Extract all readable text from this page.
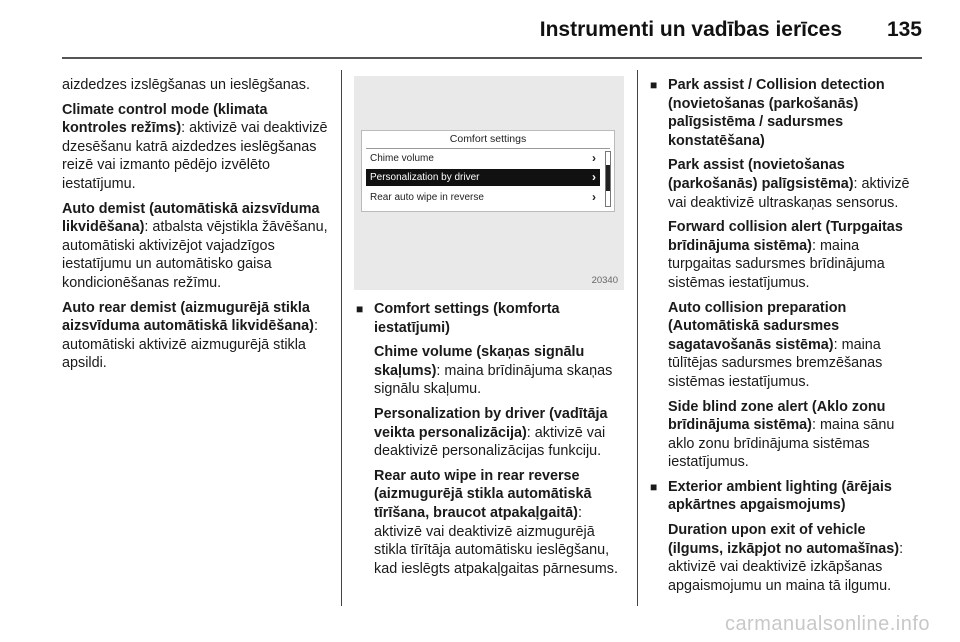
Instrumenti un vadības ierīces 135

aizdedzes izslēgšanas un ieslēgšanas.

Climate control mode (klimata kontroles režīms): aktivizē vai deaktivizē dzesēšanu katrā aizdedzes ieslēgšanas reizē vai izmanto pēdējo izvēlēto iestatījumu.

Auto demist (automātiskā aizsvīduma likvidēšana): atbalsta vējstikla žāvēšanu, automātiski aktivizējot vajadzīgos iestatījumu un automātisko gaisa kondicionēšanas režīmu.

Auto rear demist (aizmugurējā stikla aizsvīduma automātiskā likvidēšana): automātiski aktivizē aizmugurējā stikla apsildi.

Comfort settings
Chime volume	›
Personalization by driver	›
Rear auto wipe in reverse	›
20340
■ Comfort settings (komforta iestatījumi)

Chime volume (skaņas signālu skaļums): maina brīdinājuma skaņas signālu skaļumu.

Personalization by driver (vadītāja veikta personalizācija): aktivizē vai deaktivizē personalizācijas funkciju.

Rear auto wipe in rear reverse (aizmugurējā stikla automātiskā tīrīšana, braucot atpakaļgaitā): aktivizē vai deaktivizē aizmugurējā stikla tīrītāja automātisku ieslēgšanu, kad ieslēgts atpakaļgaitas pārnesums.

■ Park assist / Collision detection (novietošanas (parkošanās) palīgsistēma / sadursmes konstatēšana)

Park assist (novietošanas (parkošanās) palīgsistēma): aktivizē vai deaktivizē ultraskaņas sensorus.

Forward collision alert (Turpgaitas brīdinājuma sistēma): maina turpgaitas sadursmes brīdinājuma sistēmas iestatījumus.

Auto collision preparation (Automātiskā sadursmes sagatavošanās sistēma): maina tūlītējas sadursmes bremzēšanas sistēmas iestatījumus.

Side blind zone alert (Aklo zonu brīdinājuma sistēma): maina sānu aklo zonu brīdinājuma sistēmas iestatījumus.

■ Exterior ambient lighting (ārējais apkārtnes apgaismojums)

Duration upon exit of vehicle (ilgums, izkāpjot no automašīnas): aktivizē vai deaktivizē izkāpšanas apgaismojumu un maina tā ilgumu.

carmanualsonline.info
